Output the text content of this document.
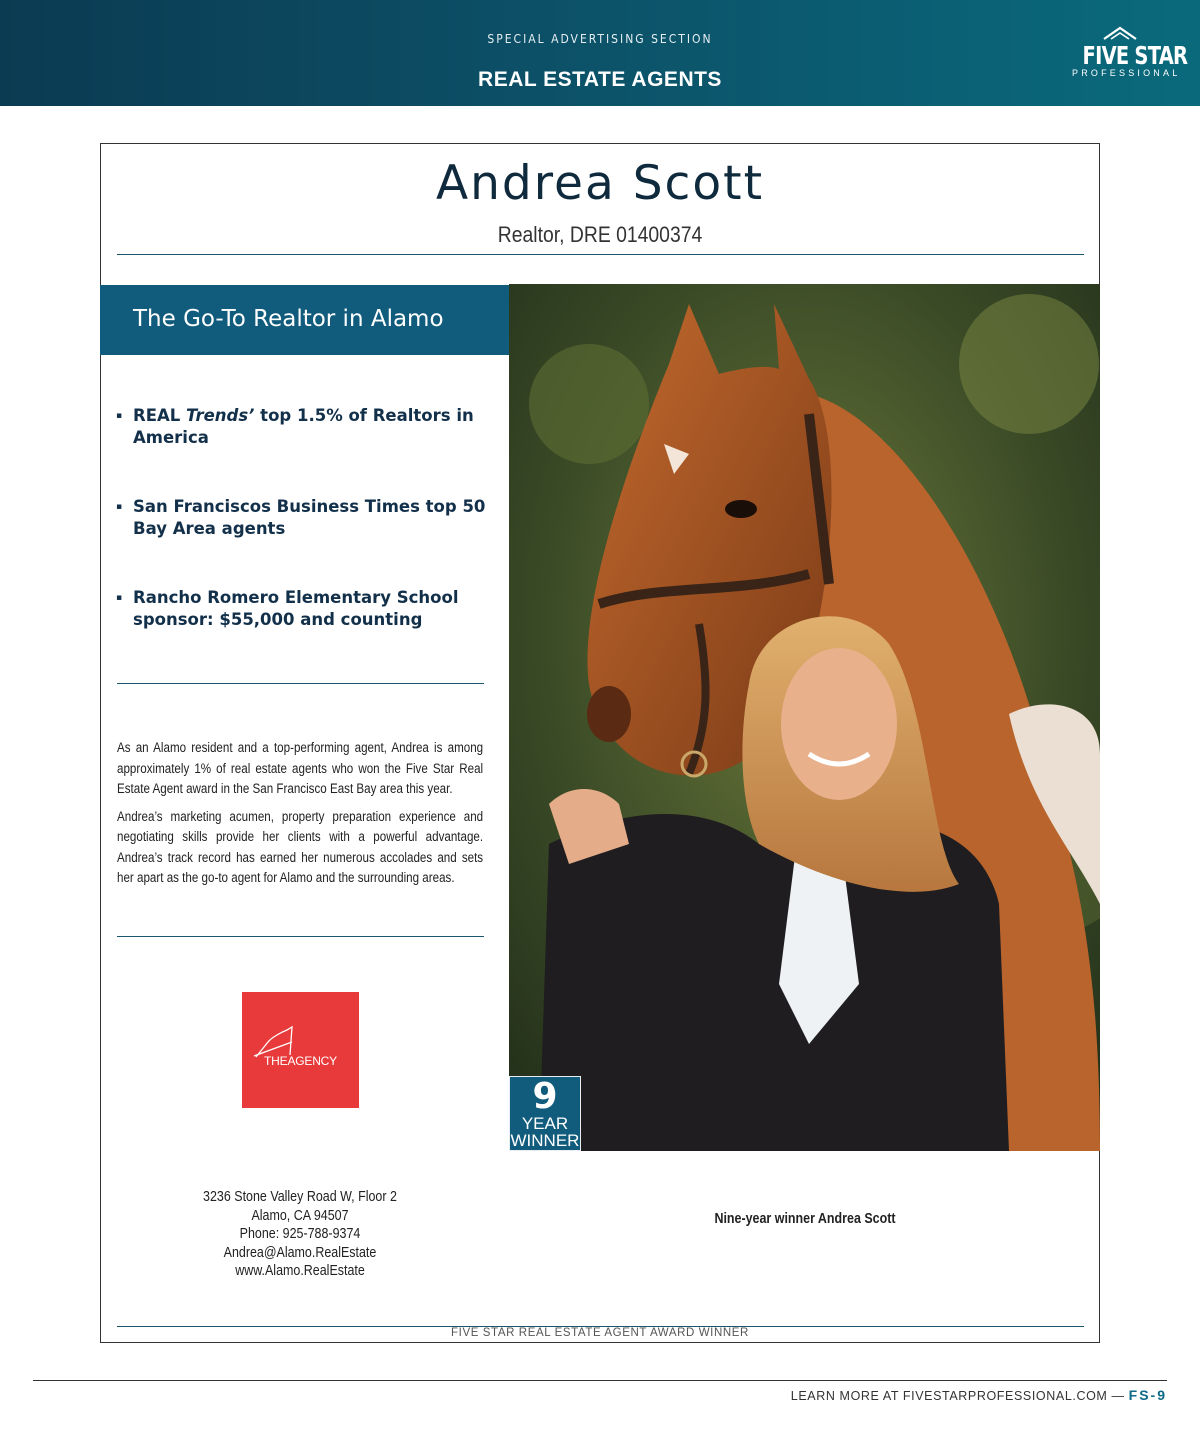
SPECIAL ADVERTISING SECTION
REAL ESTATE AGENTS
FIVE STAR
PROFESSIONAL
Andrea Scott
Realtor, DRE 01400374
The Go-To Realtor in Alamo
▪ REAL Trends’ top 1.5% of Realtors in America
▪ San Franciscos Business Times top 50 Bay Area agents
▪ Rancho Romero Elementary School sponsor: $55,000 and counting

As an Alamo resident and a top-performing agent, Andrea is among approximately 1% of real estate agents who won the Five Star Real Estate Agent award in the San Francisco East Bay area this year.

Andrea’s marketing acumen, property preparation experience and negotiating skills provide her clients with a powerful advantage. Andrea’s track record has earned her numerous accolades and sets her apart as the go-to agent for Alamo and the surrounding areas.

THEAGENCY
9
YEAR
WINNER
3236 Stone Valley Road W, Floor 2
Alamo, CA 94507
Phone: 925-788-9374
Andrea@Alamo.RealEstate
www.Alamo.RealEstate
Nine-year winner Andrea Scott
FIVE STAR REAL ESTATE AGENT AWARD WINNER
LEARN MORE AT FIVESTARPROFESSIONAL.COM — FS-9
